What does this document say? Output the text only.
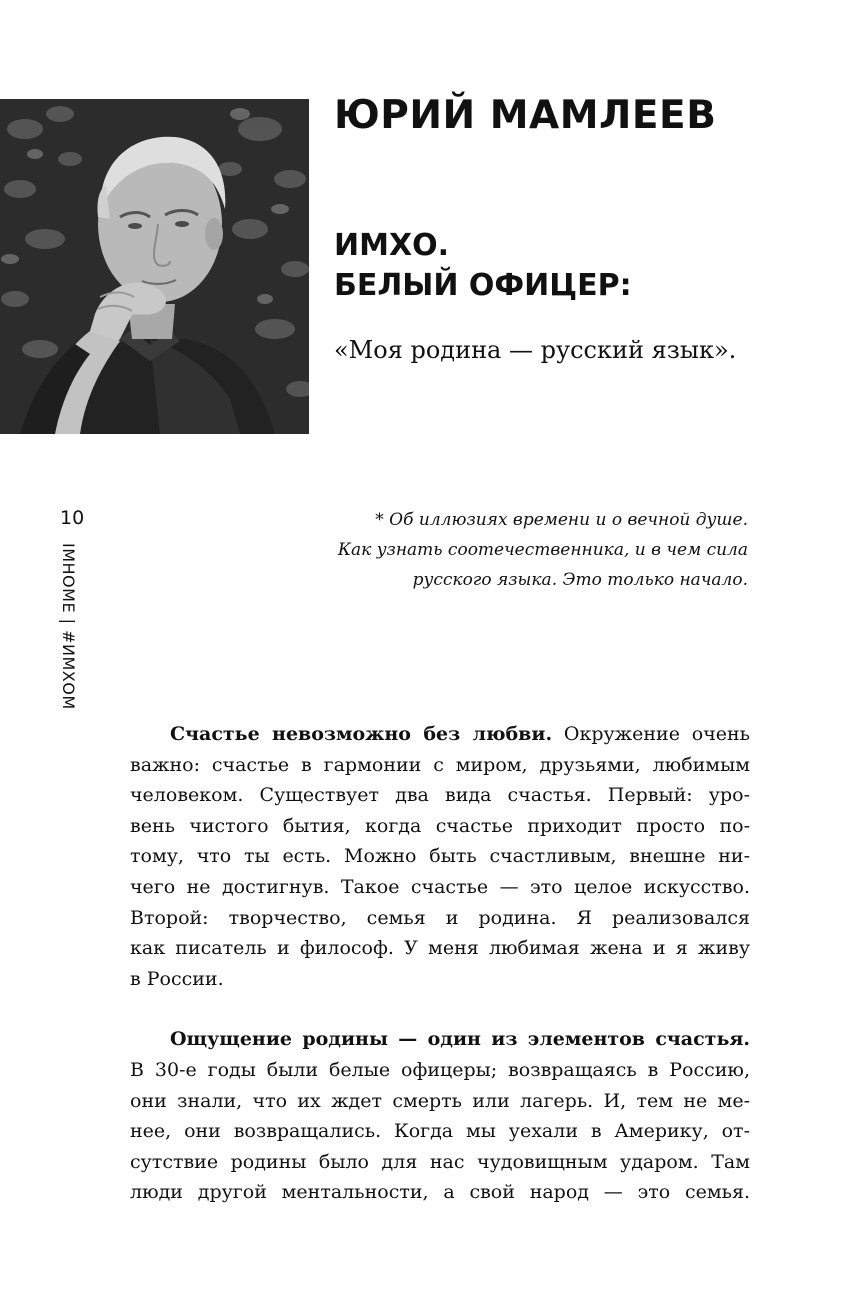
ЮРИЙ МАМЛЕЕВ
ИМХО.
БЕЛЫЙ ОФИЦЕР:

«Моя родина — русский язык».

10
IMHOME | #ИМХОМ

* Об иллюзиях времени и о вечной душе.
Как узнать соотечественника, и в чем сила
русского языка. Это только начало.

Счастье невозможно без любви. Окружение очень
важно: счастье в гармонии с миром, друзьями, любимым
человеком. Существует два вида счастья. Первый: уро-
вень чистого бытия, когда счастье приходит просто по-
тому, что ты есть. Можно быть счастливым, внешне ни-
чего не достигнув. Такое счастье — это целое искусство.
Второй: творчество, семья и родина. Я реализовался
как писатель и философ. У меня любимая жена и я живу
в России.

Ощущение родины — один из элементов счастья.
В 30-е годы были белые офицеры; возвращаясь в Россию,
они знали, что их ждет смерть или лагерь. И, тем не ме-
нее, они возвращались. Когда мы уехали в Америку, от-
сутствие родины было для нас чудовищным ударом. Там
люди другой ментальности, а свой народ — это семья.
